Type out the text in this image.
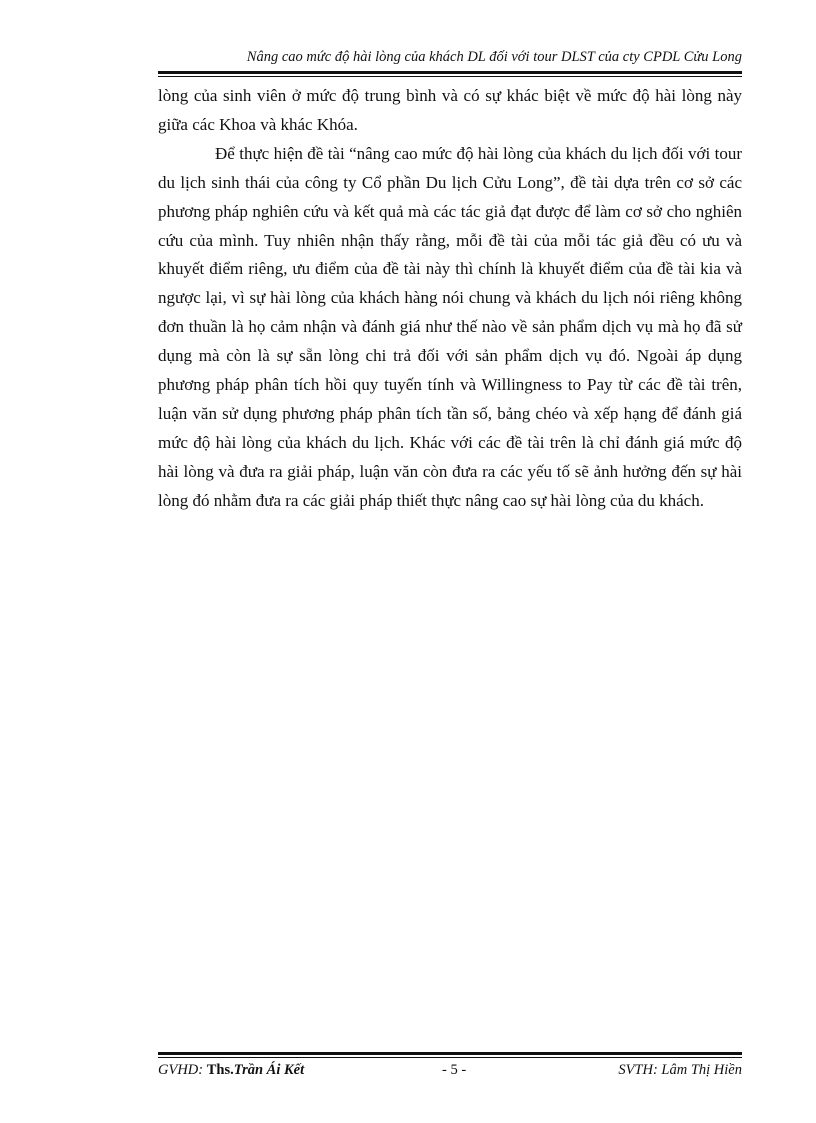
Nâng cao mức độ hài lòng của khách DL đối với tour DLST của cty CPDL Cửu Long

lòng của sinh viên ở mức độ trung bình và có sự khác biệt về mức độ hài lòng này giữa các Khoa và khác Khóa.

Để thực hiện đề tài “nâng cao mức độ hài lòng của khách du lịch đối với tour du lịch sinh thái của công ty Cổ phần Du lịch Cửu Long”, đề tài dựa trên cơ sở các phương pháp nghiên cứu và kết quả mà các tác giả đạt được để làm cơ sở cho nghiên cứu của mình. Tuy nhiên nhận thấy rằng, mỗi đề tài của mỗi tác giả đều có ưu và khuyết điểm riêng, ưu điểm của đề tài này thì chính là khuyết điểm của đề tài kia và ngược lại, vì sự hài lòng của khách hàng nói chung và khách du lịch nói riêng không đơn thuần là họ cảm nhận và đánh giá như thế nào về sản phẩm dịch vụ mà họ đã sử dụng mà còn là sự sẵn lòng chi trả đối với sản phẩm dịch vụ đó. Ngoài áp dụng phương pháp phân tích hồi quy tuyến tính và Willingness to Pay từ các đề tài trên, luận văn sử dụng phương pháp phân tích tần số, bảng chéo và xếp hạng để đánh giá mức độ hài lòng của khách du lịch. Khác với các đề tài trên là chỉ đánh giá mức độ hài lòng và đưa ra giải pháp, luận văn còn đưa ra các yếu tố sẽ ảnh hưởng đến sự hài lòng đó nhằm đưa ra các giải pháp thiết thực nâng cao sự hài lòng của du khách.

GVHD: Ths.Trần Ái Kết	- 5 -	SVTH: Lâm Thị Hiền
